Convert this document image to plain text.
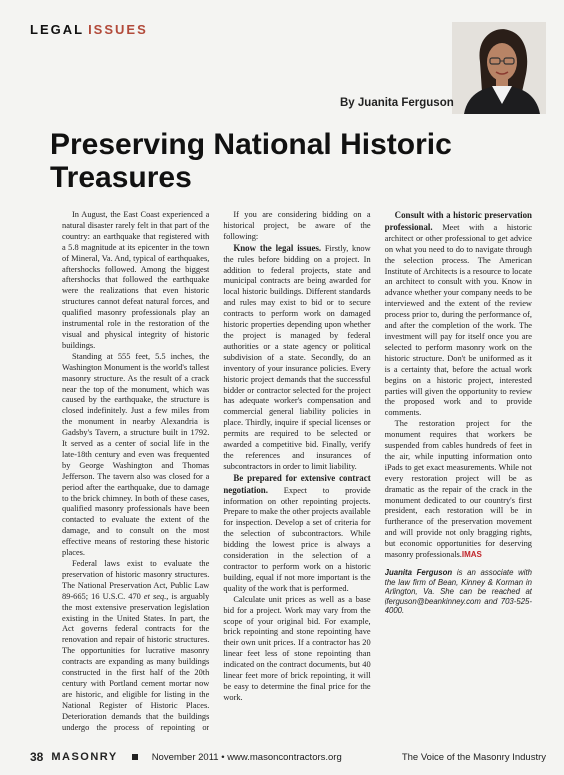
LEGAL ISSUES
By Juanita Ferguson
Preserving National Historic Treasures

In August, the East Coast experienced a natural disaster rarely felt in that part of the country: an earthquake that registered with a 5.8 magnitude at its epicenter in the town of Mineral, Va. And, typical of earthquakes, aftershocks followed. Among the biggest aftershocks that followed the earthquake were the realizations that even historic structures cannot defeat natural forces, and qualified masonry professionals play an instrumental role in the restoration of the visual and physical integrity of historic buildings.

Standing at 555 feet, 5.5 inches, the Washington Monument is the world's tallest masonry structure. As the result of a crack near the top of the monument, which was caused by the earthquake, the structure is closed indefinitely. Just a few miles from the monument in nearby Alexandria is Gadsby's Tavern, a structure built in 1792. It served as a center of social life in the late-18th century and even was frequented by George Washington and Thomas Jefferson. The tavern also was closed for a period after the earthquake, due to damage to the brick chimney. In both of these cases, qualified masonry professionals have been contacted to evaluate the extent of the damage, and to consult on the most effective means of restoring these historic places.

Federal laws exist to evaluate the preservation of historic masonry structures. The National Preservation Act, Public Law 89-665; 16 U.S.C. 470 et seq., is arguably the most extensive preservation legislation existing in the United States. In part, the Act governs federal contracts for the renovation and repair of historic structures. The opportunities for lucrative masonry contracts are expanding as many buildings constructed in the first half of the 20th century with Portland cement mortar now are historic, and eligible for listing in the National Register of Historic Places. Deterioration demands that the buildings undergo the process of repointing or

If you are considering bidding on a historical project, be aware of the following:

Know the legal issues. Firstly, know the rules before bidding on a project. In addition to federal projects, state and municipal contracts are being awarded for local historic buildings. Different standards and rules may exist to bid or to secure contracts to perform work on damaged historic properties depending upon whether the project is managed by federal authorities or a state agency or political subdivision of a state. Secondly, do an inventory of your insurance policies. Every historic project demands that the successful bidder or contractor selected for the project has adequate worker's compensation and commercial general liability policies in place. Thirdly, inquire if special licenses or permits are required to be selected or awarded a competitive bid. Finally, verify the references and insurances of subcontractors in order to limit liability.

Be prepared for extensive contract negotiation. Expect to provide information on other repointing projects. Prepare to make the other projects available for inspection. Develop a set of criteria for the selection of subcontractors. While bidding the lowest price is always a consideration in the selection of a contractor to perform work on a historic building, equal if not more important is the quality of the work that is performed.

Calculate unit prices as well as a base bid for a project. Work may vary from the scope of your original bid. For example, brick repointing and stone repointing have their own unit prices. If a contractor has 20 linear feet less of stone repointing than indicated on the contract documents, but 40 linear feet more of brick repointing, it will be easy to determine the final price for the work.

Consult with a historic preservation professional. Meet with a historic architect or other professional to get advice on what you need to do to navigate through the selection process. The American Institute of Architects is a resource to locate an architect to consult with you. Know in advance whether your company needs to be interviewed and the extent of the review process prior to, during the performance of, and after the completion of the work. The investment will pay for itself once you are selected to perform masonry work on the historic structure. Don't be uniformed as it is a certainty that, before the actual work begins on a historic project, interested parties will given the opportunity to review the proposed work and to provide comments.

The restoration project for the monument requires that workers be suspended from cables hundreds of feet in the air, while inputting information onto iPads to get exact measurements. While not every restoration project will be as dramatic as the repair of the crack in the monument dedicated to our country's first president, each restoration will be in furtherance of the preservation movement and will provide not only bragging rights, but economic opportunities for deserving masonry professionals.IMAS

Juanita Ferguson is an associate with the law firm of Bean, Kinney & Korman in Arlington, Va. She can be reached at jferguson@beankinney.com and 703-525-4000.
38 MASONRY	November 2011 • www.masoncontractors.org	The Voice of the Masonry Industry
